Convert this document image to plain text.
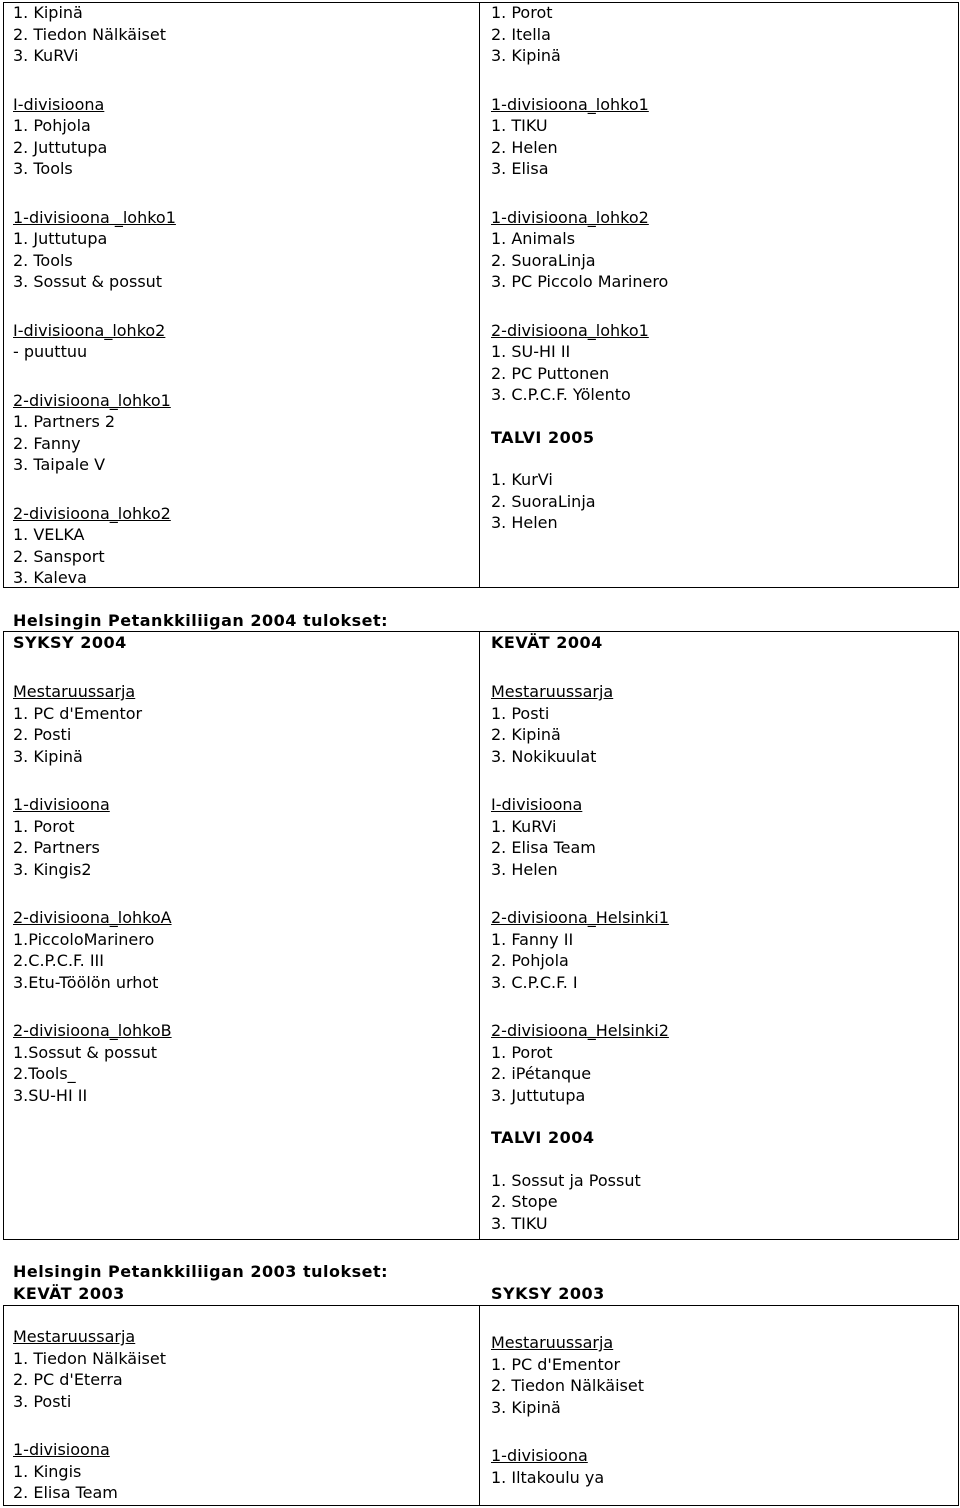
1. Kipinä
2. Tiedon Nälkäiset
3. KuRVi
I-divisioona
1. Pohjola
2. Juttutupa
3. Tools
1-divisioona _lohko1
1. Juttutupa
2. Tools
3. Sossut & possut
I-divisioona_lohko2
- puuttuu
2-divisioona_lohko1
1. Partners 2
2. Fanny
3. Taipale V
2-divisioona_lohko2
1. VELKA
2. Sansport
3. Kaleva
1. Porot
2. Itella
3. Kipinä
1-divisioona_lohko1
1. TIKU
2. Helen
3. Elisa
1-divisioona_lohko2
1. Animals
2. SuoraLinja
3. PC Piccolo Marinero
2-divisioona_lohko1
1. SU-HI II
2. PC Puttonen
3. C.P.C.F. Yölento
TALVI 2005
1. KurVi
2. SuoraLinja
3. Helen
Helsingin Petankkiliigan 2004 tulokset:
SYKSY 2004	KEVÄT 2004
Mestaruussarja
1. PC d'Ementor
2. Posti
3. Kipinä
1-divisioona
1. Porot
2. Partners
3. Kingis2
2-divisioona_lohkoA
1.PiccoloMarinero
2.C.P.C.F. III
3.Etu-Töölön urhot
2-divisioona_lohkoB
1.Sossut & possut
2.Tools_
3.SU-HI II
Mestaruussarja
1. Posti
2. Kipinä
3. Nokikuulat
I-divisioona
1. KuRVi
2. Elisa Team
3. Helen
2-divisioona_Helsinki1
1. Fanny II
2. Pohjola
3. C.P.C.F. I
2-divisioona_Helsinki2
1. Porot
2. iPétanque
3. Juttutupa
TALVI 2004
1. Sossut ja Possut
2. Stope
3. TIKU
Helsingin Petankkiliigan 2003 tulokset:
KEVÄT 2003	SYKSY 2003
Mestaruussarja
1. Tiedon Nälkäiset
2. PC d'Eterra
3. Posti
1-divisioona
1. Kingis
2. Elisa Team
Mestaruussarja
1. PC d'Ementor
2. Tiedon Nälkäiset
3. Kipinä
1-divisioona
1. Iltakoulu ya
